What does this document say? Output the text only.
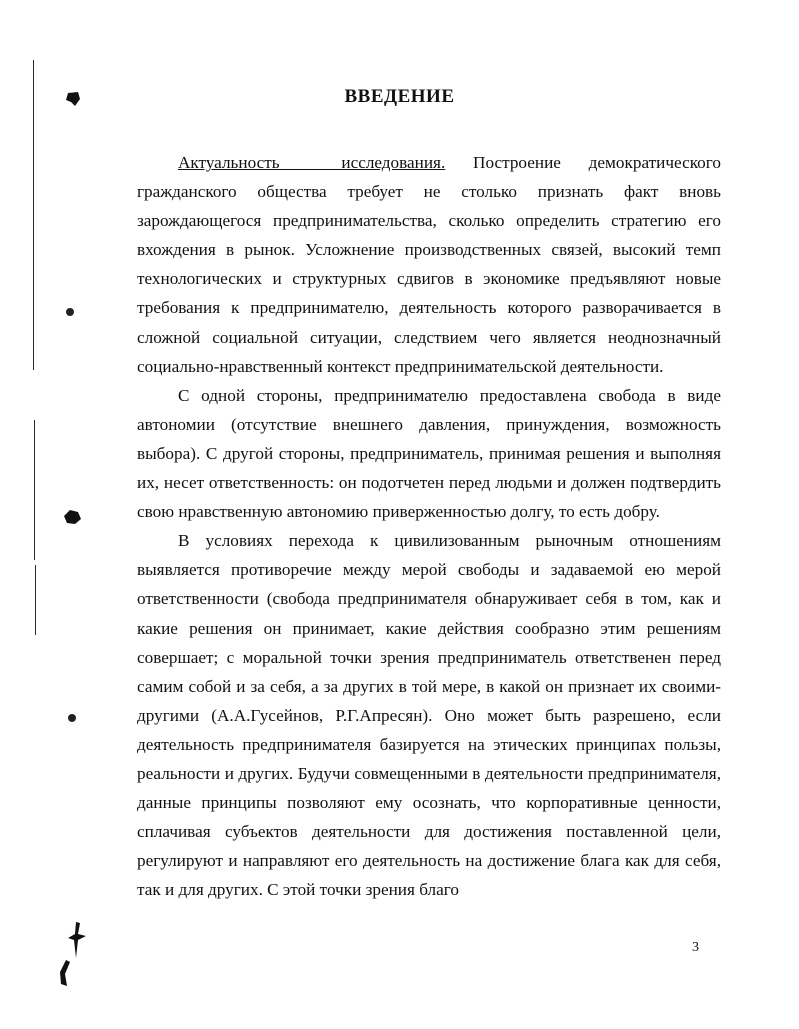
ВВЕДЕНИЕ

Актуальность исследования. Построение демократического гражданского общества требует не столько признать факт вновь зарождающегося предпринимательства, сколько определить стратегию его вхождения в рынок. Усложнение производственных связей, высокий темп технологических и структурных сдвигов в экономике предъявляют новые требования к предпринимателю, деятельность которого разворачивается в сложной социальной ситуации, следствием чего является неоднозначный социально-нравственный контекст предпринимательской деятельности.

С одной стороны, предпринимателю предоставлена свобода в виде автономии (отсутствие внешнего давления, принуждения, возможность выбора). С другой стороны, предприниматель, принимая решения и выполняя их, несет ответственность: он подотчетен перед людьми и должен подтвердить свою нравственную автономию приверженностью долгу, то есть добру.

В условиях перехода к цивилизованным рыночным отношениям выявляется противоречие между мерой свободы и задаваемой ею мерой ответственности (свобода предпринимателя обнаруживает себя в том, как и какие решения он принимает, какие действия сообразно этим решениям совершает; с моральной точки зрения предприниматель ответственен перед самим собой и за себя, а за других в той мере, в какой он признает их своими-другими (А.А.Гусейнов, Р.Г.Апресян). Оно может быть разрешено, если деятельность предпринимателя базируется на этических принципах пользы, реальности и других. Будучи совмещенными в деятельности предпринимателя, данные принципы позволяют ему осознать, что корпоративные ценности, сплачивая субъектов деятельности для достижения поставленной цели, регулируют и направляют его деятельность на достижение блага как для себя, так и для других. С этой точки зрения благо

3
